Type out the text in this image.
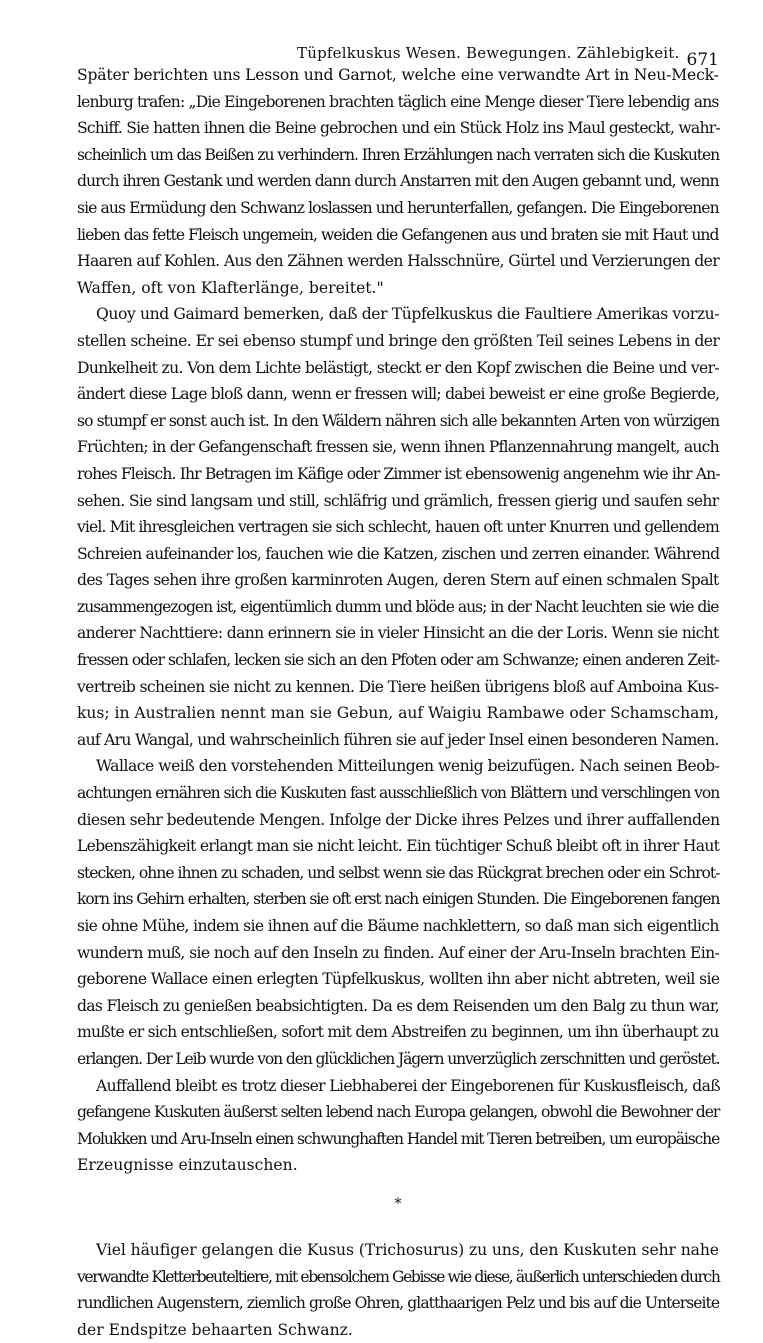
Tüpfelkuskus Wesen. Bewegungen. Zählebigkeit. 671

Später berichten uns Lesson und Garnot, welche eine verwandte Art in Neu-Meck-
lenburg trafen: „Die Eingeborenen brachten täglich eine Menge dieser Tiere lebendig ans
Schiff. Sie hatten ihnen die Beine gebrochen und ein Stück Holz ins Maul gesteckt, wahr-
scheinlich um das Beißen zu verhindern. Ihren Erzählungen nach verraten sich die Kuskuten
durch ihren Gestank und werden dann durch Anstarren mit den Augen gebannt und, wenn
sie aus Ermüdung den Schwanz loslassen und herunterfallen, gefangen. Die Eingeborenen
lieben das fette Fleisch ungemein, weiden die Gefangenen aus und braten sie mit Haut und
Haaren auf Kohlen. Aus den Zähnen werden Halsschnüre, Gürtel und Verzierungen der
Waffen, oft von Klafterlänge, bereitet."

Quoy und Gaimard bemerken, daß der Tüpfelkuskus die Faultiere Amerikas vorzu-
stellen scheine. Er sei ebenso stumpf und bringe den größten Teil seines Lebens in der
Dunkelheit zu. Von dem Lichte belästigt, steckt er den Kopf zwischen die Beine und ver-
ändert diese Lage bloß dann, wenn er fressen will; dabei beweist er eine große Begierde,
so stumpf er sonst auch ist. In den Wäldern nähren sich alle bekannten Arten von würzigen
Früchten; in der Gefangenschaft fressen sie, wenn ihnen Pflanzennahrung mangelt, auch
rohes Fleisch. Ihr Betragen im Käfige oder Zimmer ist ebensowenig angenehm wie ihr An-
sehen. Sie sind langsam und still, schläfrig und grämlich, fressen gierig und saufen sehr
viel. Mit ihresgleichen vertragen sie sich schlecht, hauen oft unter Knurren und gellendem
Schreien aufeinander los, fauchen wie die Katzen, zischen und zerren einander. Während
des Tages sehen ihre großen karminroten Augen, deren Stern auf einen schmalen Spalt
zusammengezogen ist, eigentümlich dumm und blöde aus; in der Nacht leuchten sie wie die
anderer Nachttiere: dann erinnern sie in vieler Hinsicht an die der Loris. Wenn sie nicht
fressen oder schlafen, lecken sie sich an den Pfoten oder am Schwanze; einen anderen Zeit-
vertreib scheinen sie nicht zu kennen. Die Tiere heißen übrigens bloß auf Amboina Kus-
kus; in Australien nennt man sie Gebun, auf Waigiu Rambawe oder Schamscham,
auf Aru Wangal, und wahrscheinlich führen sie auf jeder Insel einen besonderen Namen.

Wallace weiß den vorstehenden Mitteilungen wenig beizufügen. Nach seinen Beob-
achtungen ernähren sich die Kuskuten fast ausschließlich von Blättern und verschlingen von
diesen sehr bedeutende Mengen. Infolge der Dicke ihres Pelzes und ihrer auffallenden
Lebenszähigkeit erlangt man sie nicht leicht. Ein tüchtiger Schuß bleibt oft in ihrer Haut
stecken, ohne ihnen zu schaden, und selbst wenn sie das Rückgrat brechen oder ein Schrot-
korn ins Gehirn erhalten, sterben sie oft erst nach einigen Stunden. Die Eingeborenen fangen
sie ohne Mühe, indem sie ihnen auf die Bäume nachklettern, so daß man sich eigentlich
wundern muß, sie noch auf den Inseln zu finden. Auf einer der Aru-Inseln brachten Ein-
geborene Wallace einen erlegten Tüpfelkuskus, wollten ihn aber nicht abtreten, weil sie
das Fleisch zu genießen beabsichtigten. Da es dem Reisenden um den Balg zu thun war,
mußte er sich entschließen, sofort mit dem Abstreifen zu beginnen, um ihn überhaupt zu
erlangen. Der Leib wurde von den glücklichen Jägern unverzüglich zerschnitten und geröstet.

Auffallend bleibt es trotz dieser Liebhaberei der Eingeborenen für Kuskusfleisch, daß
gefangene Kuskuten äußerst selten lebend nach Europa gelangen, obwohl die Bewohner der
Molukken und Aru-Inseln einen schwunghaften Handel mit Tieren betreiben, um europäische
Erzeugnisse einzutauschen.

*

Viel häufiger gelangen die Kusus (Trichosurus) zu uns, den Kuskuten sehr nahe
verwandte Kletterbeuteltiere, mit ebensolchem Gebisse wie diese, äußerlich unterschieden durch
rundlichen Augenstern, ziemlich große Ohren, glatthaarigen Pelz und bis auf die Unterseite
der Endspitze behaarten Schwanz.
